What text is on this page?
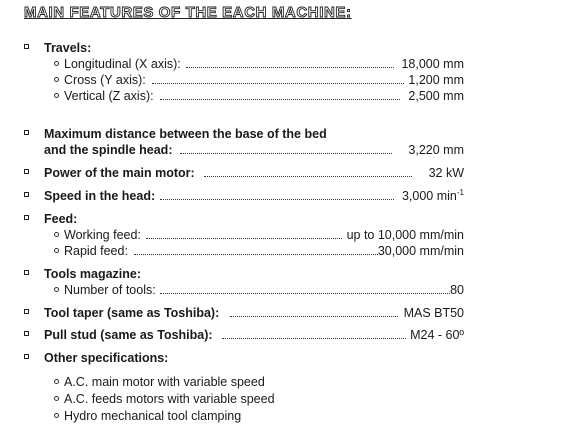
MAIN FEATURES OF THE EACH MACHINE:
Travels:
Longitudinal (X axis):	18,000 mm
Cross (Y axis):	1,200 mm
Vertical (Z axis):	2,500 mm
Maximum distance between the base of the bed
and the spindle head:	3,220 mm
Power of the main motor:	32 kW
Speed in the head:	3,000 $\min^{-1}$
Feed:
Working feed:	up to 10,000 mm/min
Rapid feed:	30,000 mm/min
Tools magazine:
Number of tools:	80
Tool taper (same as Toshiba):	MAS BT50
Pull stud (same as Toshiba):	M24 - 60º
Other specifications:
A.C. main motor with variable speed
A.C. feeds motors with variable speed
Hydro mechanical tool clamping
